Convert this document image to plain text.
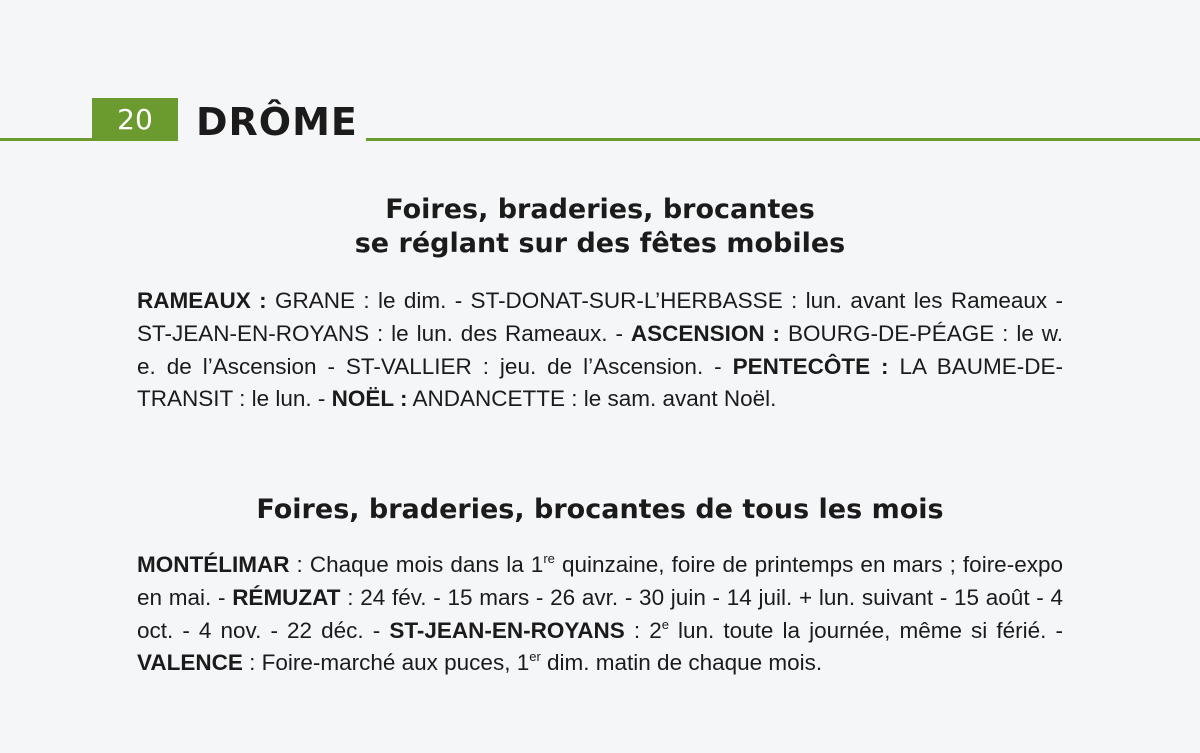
20	DRÔME
Foires, braderies, brocantes
se réglant sur des fêtes mobiles
RAMEAUX : GRANE : le dim. - ST-DONAT-SUR-L’HERBASSE : lun. avant les Rameaux - ST-JEAN-EN-ROYANS : le lun. des Rameaux. - ASCENSION : BOURG-DE-PÉAGE : le w. e. de l’Ascension - ST-VALLIER : jeu. de l’Ascension. - PENTECÔTE : LA BAUME-DE-TRANSIT : le lun. - NOËL : ANDANCETTE : le sam. avant Noël.
Foires, braderies, brocantes de tous les mois
MONTÉLIMAR : Chaque mois dans la 1re quinzaine, foire de printemps en mars ; foire-expo en mai. - RÉMUZAT : 24 fév. - 15 mars - 26 avr. - 30 juin - 14 juil. + lun. suivant - 15 août - 4 oct. - 4 nov. - 22 déc. - ST-JEAN-EN-ROYANS : 2e lun. toute la journée, même si férié. - VALENCE : Foire-marché aux puces, 1er dim. matin de chaque mois.
